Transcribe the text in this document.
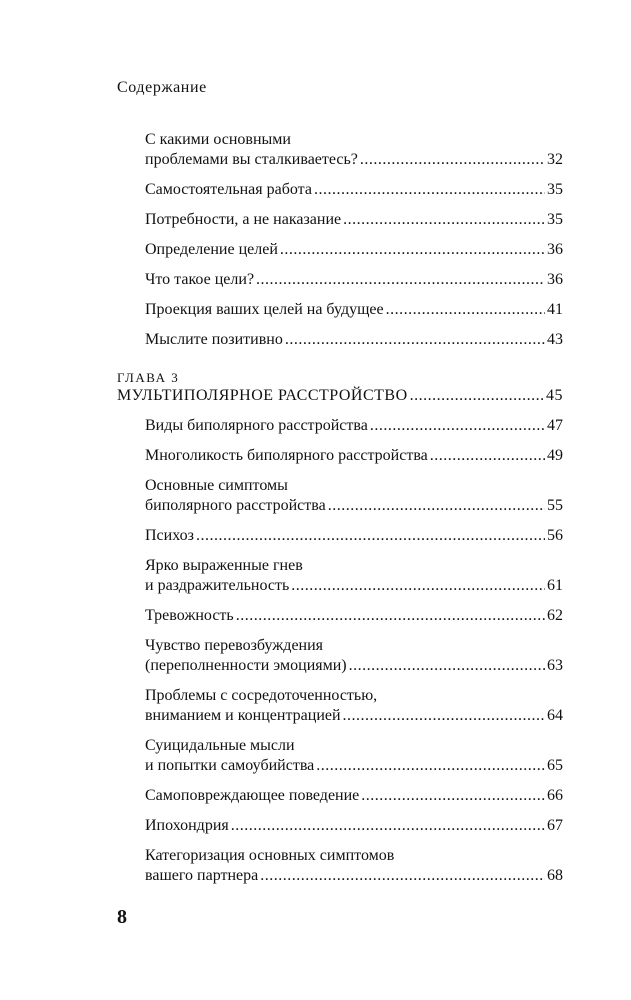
Содержание
С какими основными
проблемами вы сталкиваетесь? .....	32
Самостоятельная работа .....	35
Потребности, а не наказание .....	35
Определение целей .....	36
Что такое цели? .....	36
Проекция ваших целей на будущее .....	41
Мыслите позитивно .....	43
ГЛАВА 3
МУЛЬТИПОЛЯРНОЕ РАССТРОЙСТВО .....	45
Виды биполярного расстройства .....	47
Многоликость биполярного расстройства .....	49
Основные симптомы
биполярного расстройства .....	55
Психоз .....	56
Ярко выраженные гнев
и раздражительность .....	61
Тревожность .....	62
Чувство перевозбуждения
(переполненности эмоциями) .....	63
Проблемы с сосредоточенностью,
вниманием и концентрацией .....	64
Суицидальные мысли
и попытки самоубийства .....	65
Самоповреждающее поведение .....	66
Ипохондрия .....	67
Категоризация основных симптомов
вашего партнера .....	68
8
